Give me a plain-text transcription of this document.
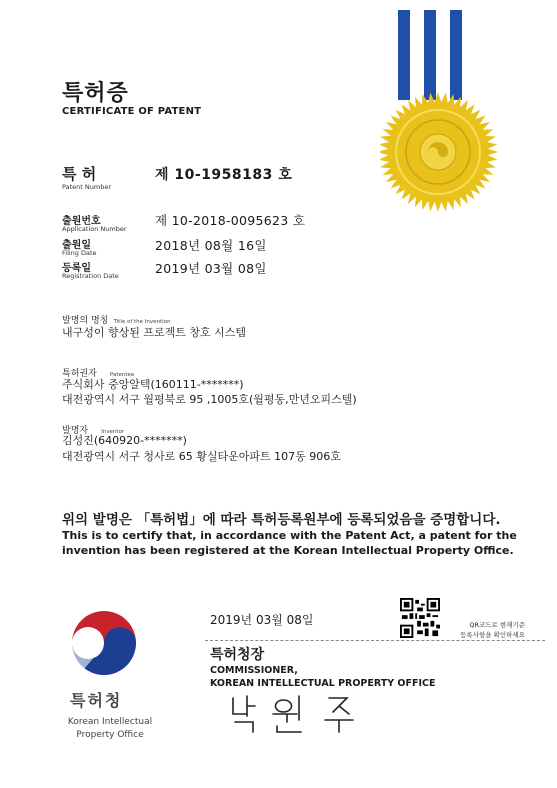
특허증
CERTIFICATE OF PATENT
특 허
Patent Number
제 10-1958183 호
출원번호
Application Number
제 10-2018-0095623 호
출원일
Filing Date	2018년 08월 16일
등록일
Registration Date	2019년 03월 08일
발명의 명칭 Title of the Invention
내구성이 향상된 프로젝트 창호 시스템
특허권자 Patentee
주식회사 중앙알텍(160111-*******)
대전광역시 서구 월평북로 95 ,1005호(월평동,만년오피스텔)
발명자 Inventor
김성진(640920-*******)
대전광역시 서구 청사로 65 황실타운아파트 107동 906호
위의 발명은 「특허법」에 따라 특허등록원부에 등록되었음을 증명합니다.
This is to certify that, in accordance with the Patent Act, a patent for the invention has been registered at the Korean Intellectual Property Office.
특허청
Korean Intellectual
Property Office
2019년 03월 08일	QR코드로 현재기준
등록사항을 확인하세요
특허청장
COMMISSIONER,
KOREAN INTELLECTUAL PROPERTY OFFICE
